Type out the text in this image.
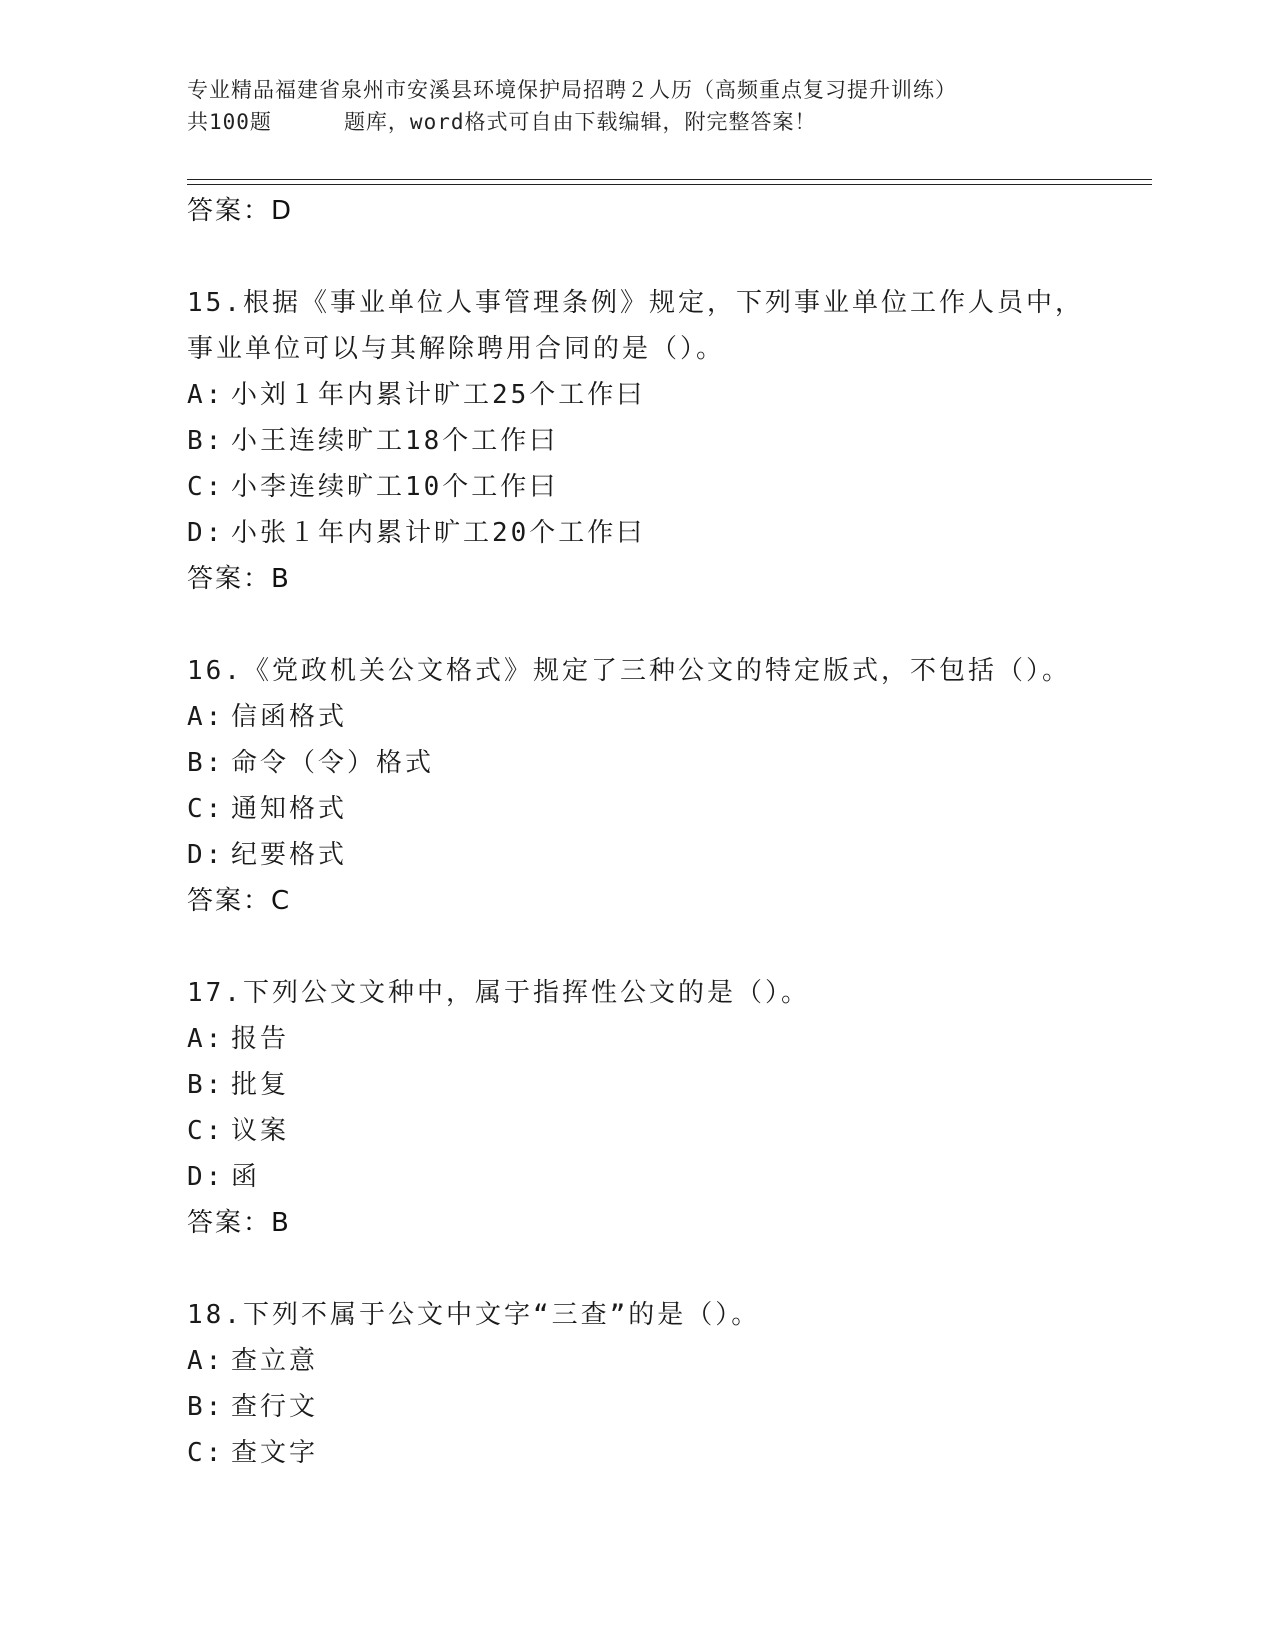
专业精品福建省泉州市安溪县环境保护局招聘２人历（高频重点复习提升训练）
共100题	题库，word格式可自由下载编辑，附完整答案！
答案：D
15.根据《事业单位人事管理条例》规定，下列事业单位工作人员中，
事业单位可以与其解除聘用合同的是（）。
A: 小刘１年内累计旷工25个工作曰
B: 小王连续旷工18个工作曰
C: 小李连续旷工10个工作曰
D: 小张１年内累计旷工20个工作曰
答案：B
16.《党政机关公文格式》规定了三种公文的特定版式，不包括（）。
A: 信函格式
B: 命令（令）格式
C: 通知格式
D: 纪要格式
答案：C
17.下列公文文种中，属于指挥性公文的是（）。
A: 报告
B: 批复
C: 议案
D: 函
答案：B
18.下列不属于公文中文字“三查”的是（）。
A: 查立意
B: 查行文
C: 查文字
